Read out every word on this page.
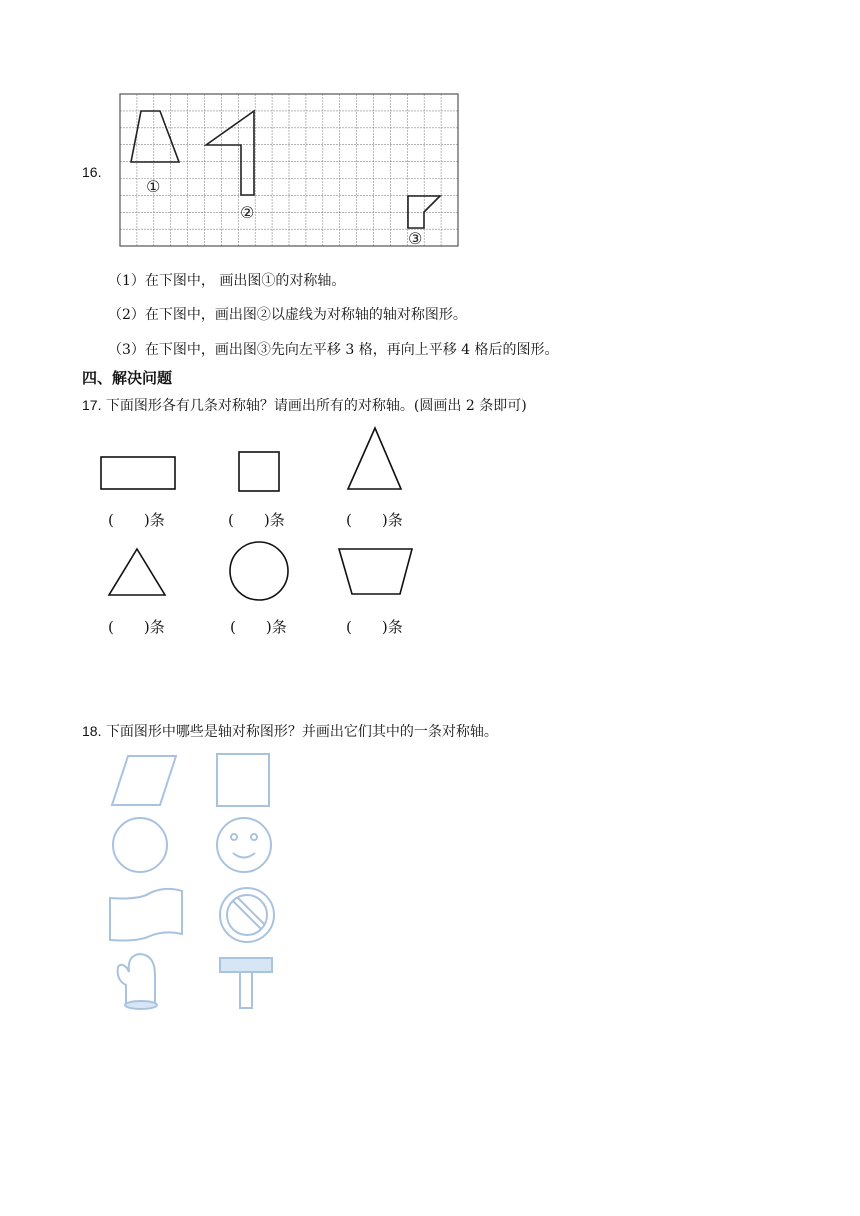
16.
①
②
③
（1）在下图中， 画出图①的对称轴。
（2）在下图中，画出图②以虚线为对称轴的轴对称图形。
（3）在下图中，画出图③先向左平移 3 格，再向上平移 4 格后的图形。
四、解决问题
17. 下面图形各有几条对称轴？请画出所有的对称轴。(圆画出 2 条即可)
(　　)条	(　　)条	(　　)条
(　　)条	(　　)条	(　　)条
18. 下面图形中哪些是轴对称图形？并画出它们其中的一条对称轴。
